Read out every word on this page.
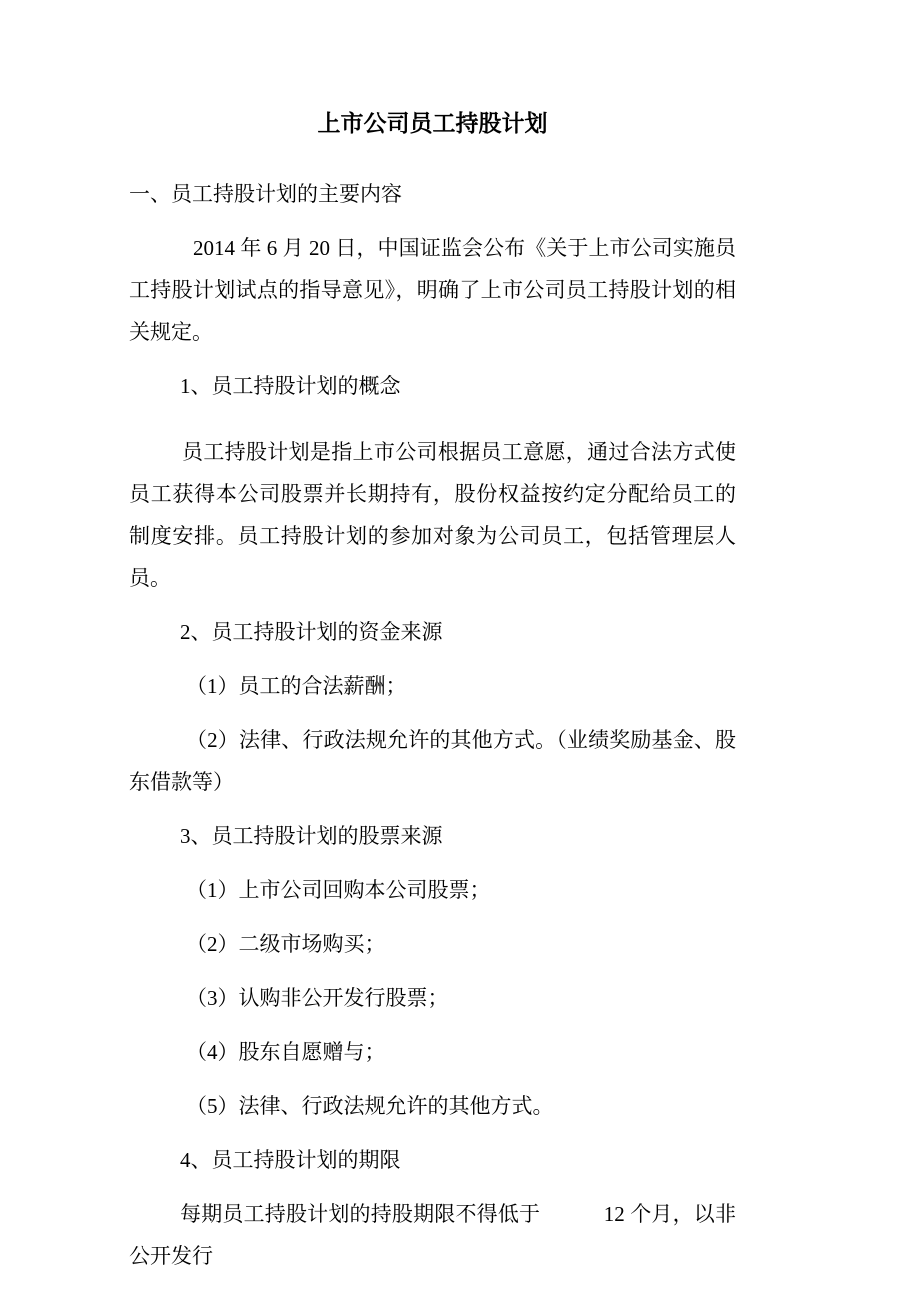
上市公司员工持股计划

一、员工持股计划的主要内容

2014 年 6 月 20 日，中国证监会公布《关于上市公司实施员工持股计划试点的指导意见》，明确了上市公司员工持股计划的相关规定。

1、员工持股计划的概念

员工持股计划是指上市公司根据员工意愿，通过合法方式使员工获得本公司股票并长期持有，股份权益按约定分配给员工的制度安排。员工持股计划的参加对象为公司员工，包括管理层人员。

2、员工持股计划的资金来源

（1）员工的合法薪酬；

（2）法律、行政法规允许的其他方式。（业绩奖励基金、股东借款等）

3、员工持股计划的股票来源

（1）上市公司回购本公司股票；

（2）二级市场购买；

（3）认购非公开发行股票；

（4）股东自愿赠与；

（5）法律、行政法规允许的其他方式。

4、员工持股计划的期限

每期员工持股计划的持股期限不得低于　　　12 个月，以非公开发行
